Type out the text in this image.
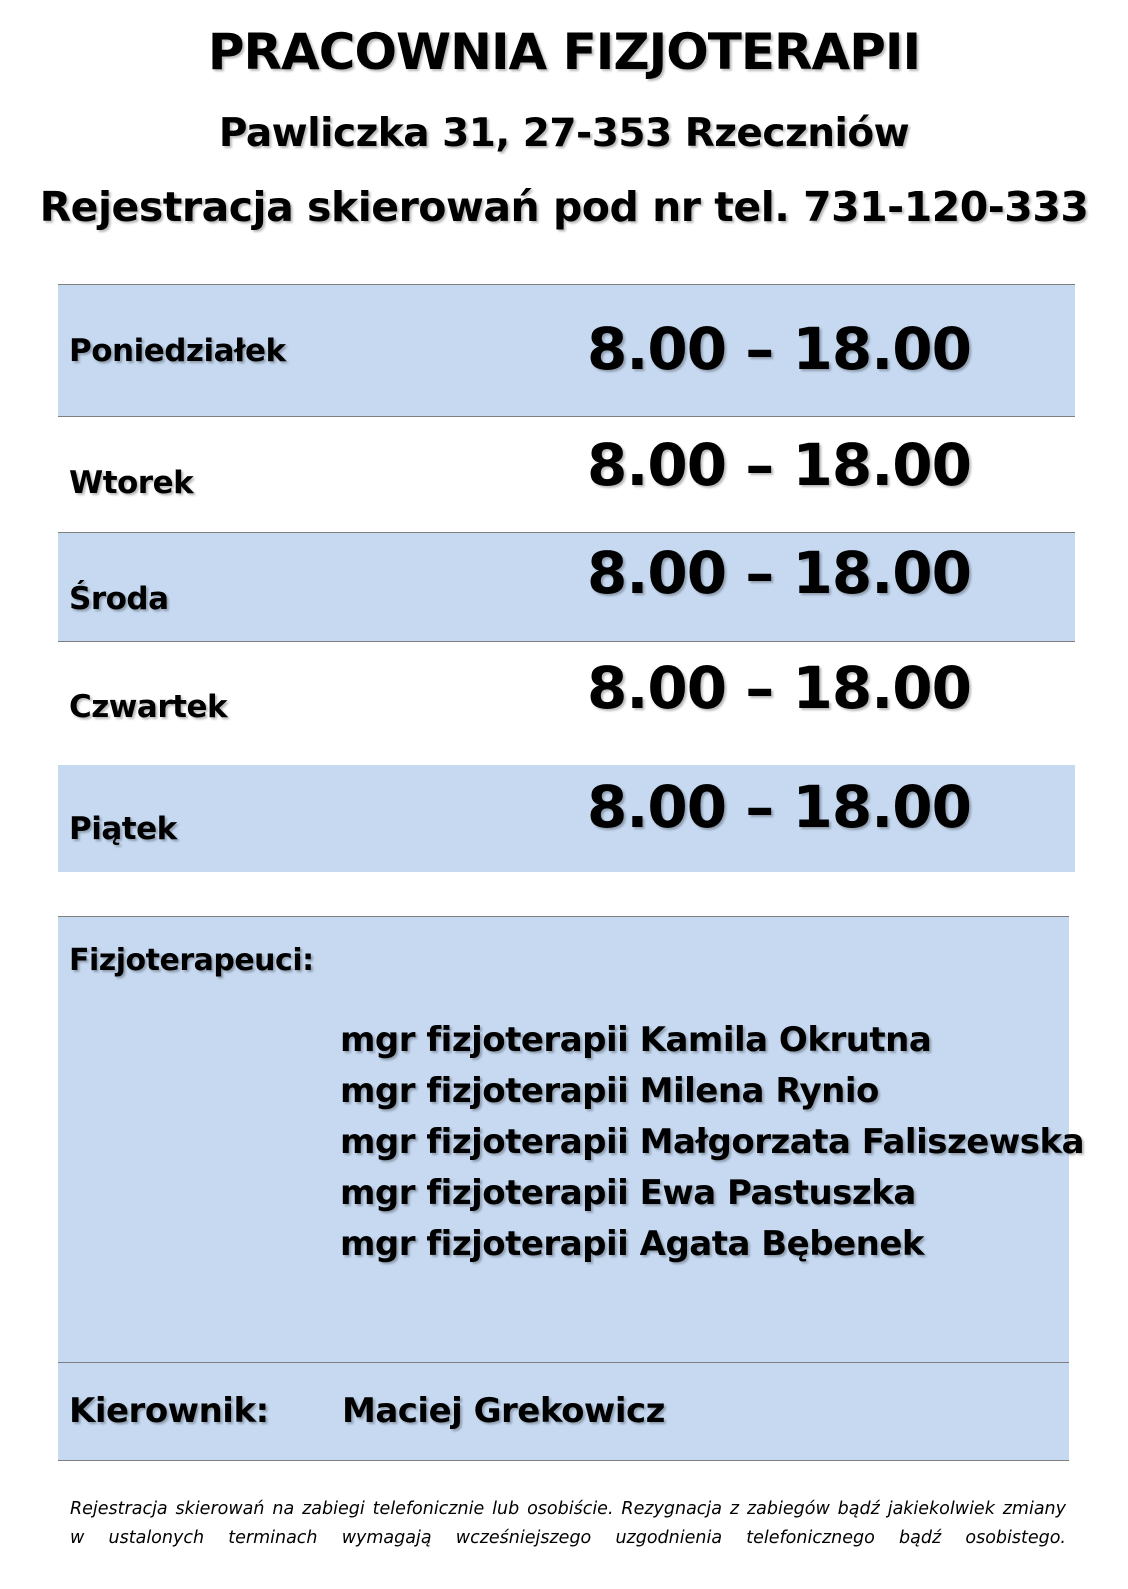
PRACOWNIA FIZJOTERAPII
Pawliczka 31, 27-353 Rzeczniów
Rejestracja skierowań pod nr tel. 731-120-333
Poniedziałek	8.00 – 18.00
Wtorek	8.00 – 18.00
Środa	8.00 – 18.00
Czwartek	8.00 – 18.00
Piątek	8.00 – 18.00
Fizjoterapeuci:
mgr fizjoterapii Kamila Okrutna
mgr fizjoterapii Milena Rynio
mgr fizjoterapii Małgorzata Faliszewska
mgr fizjoterapii Ewa Pastuszka
mgr fizjoterapii Agata Bębenek
Kierownik: Maciej Grekowicz
Rejestracja skierowań na zabiegi telefonicznie lub osobiście. Rezygnacja z zabiegów bądź jakiekolwiek zmiany
w ustalonych terminach wymagają wcześniejszego uzgodnienia telefonicznego bądź osobistego.
